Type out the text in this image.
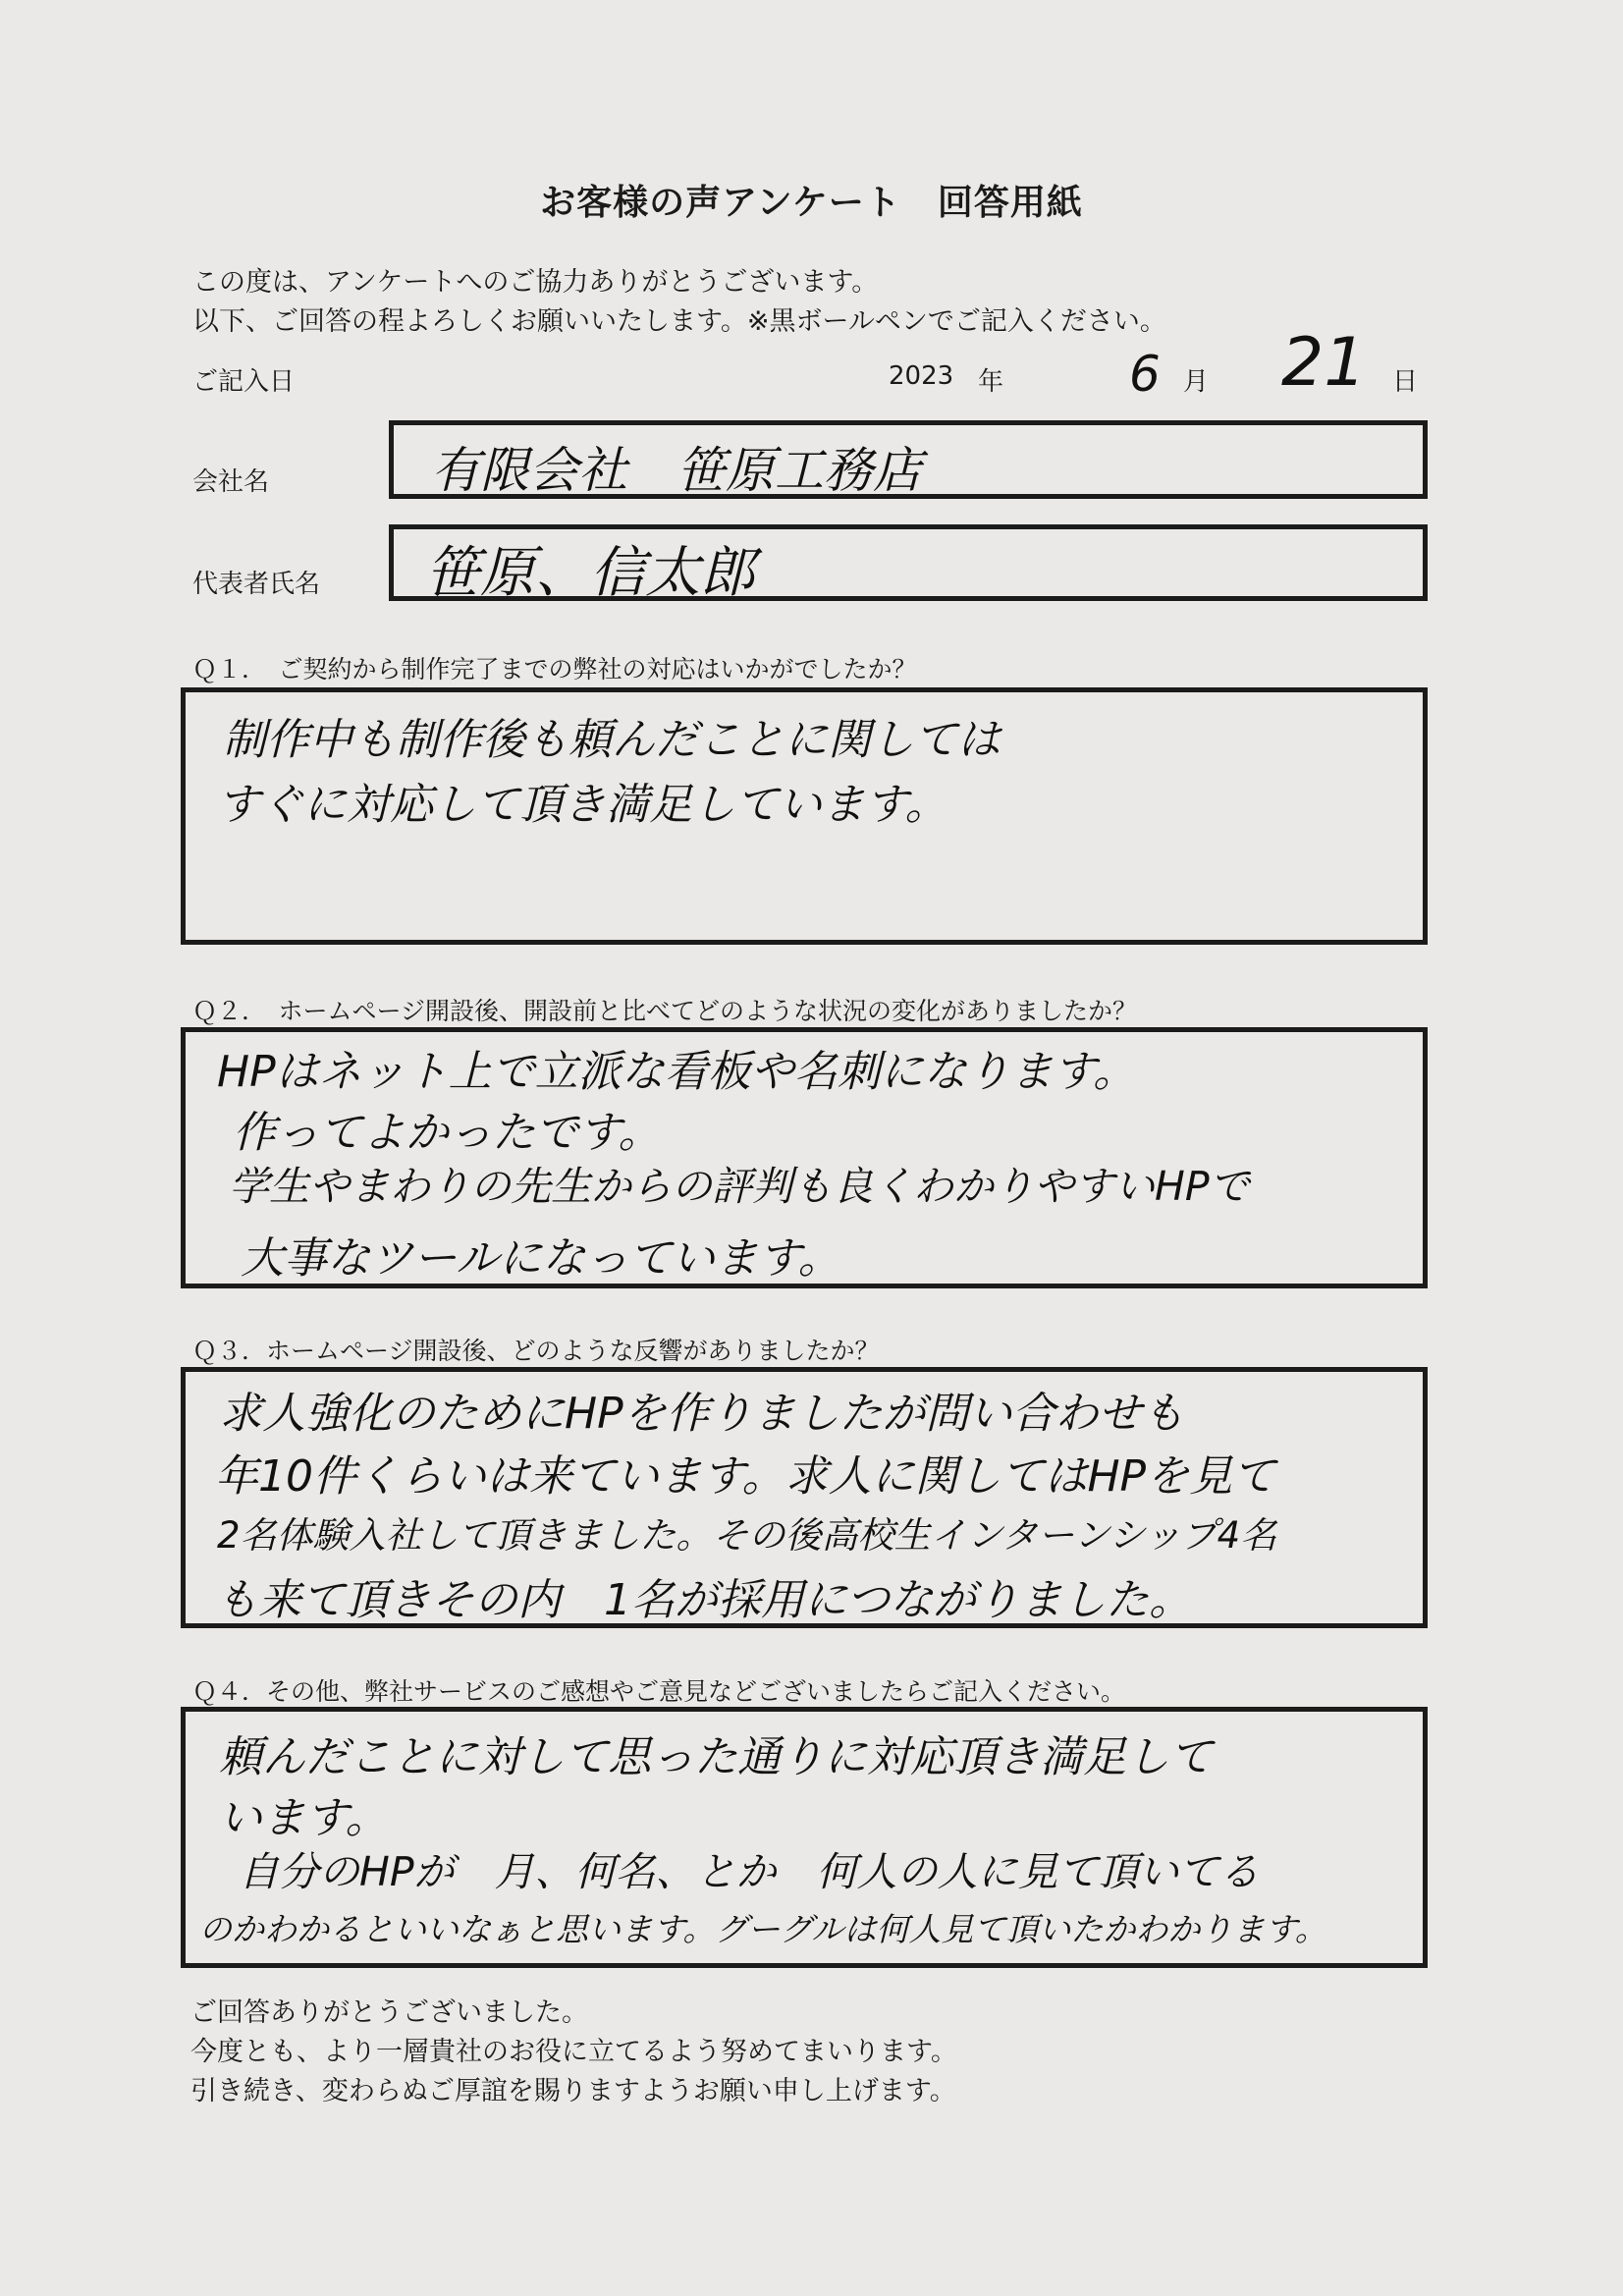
お客様の声アンケート　回答用紙
この度は、アンケートへのご協力ありがとうございます。
以下、ご回答の程よろしくお願いいたします。※黒ボールペンでご記入ください。
ご記入日	2023 年	6 月 21 日
会社名	有限会社　笹原工務店
代表者氏名 笹原、信太郎
Ｑ１．　ご契約から制作完了までの弊社の対応はいかがでしたか？
制作中も制作後も頼んだことに関しては
すぐに対応して頂き満足しています。
Ｑ２．　ホームページ開設後、開設前と比べてどのような状況の変化がありましたか？
HPはネット上で立派な看板や名刺になります。
作ってよかったです。
学生やまわりの先生からの評判も良くわかりやすいHPで
大事なツールになっています。
Ｑ３．ホームページ開設後、どのような反響がありましたか？
求人強化のためにHPを作りましたが問い合わせも
年10件くらいは来ています。求人に関してはHPを見て
2名体験入社して頂きました。その後高校生インターンシップ4名
も来て頂きその内　1名が採用につながりました。
Ｑ４．その他、弊社サービスのご感想やご意見などございましたらご記入ください。
頼んだことに対して思った通りに対応頂き満足して
います。
自分のHPが　月、何名、とか　何人の人に見て頂いてる
のかわかるといいなぁと思います。グーグルは何人見て頂いたかわかります。
ご回答ありがとうございました。
今度とも、より一層貴社のお役に立てるよう努めてまいります。
引き続き、変わらぬご厚誼を賜りますようお願い申し上げます。
